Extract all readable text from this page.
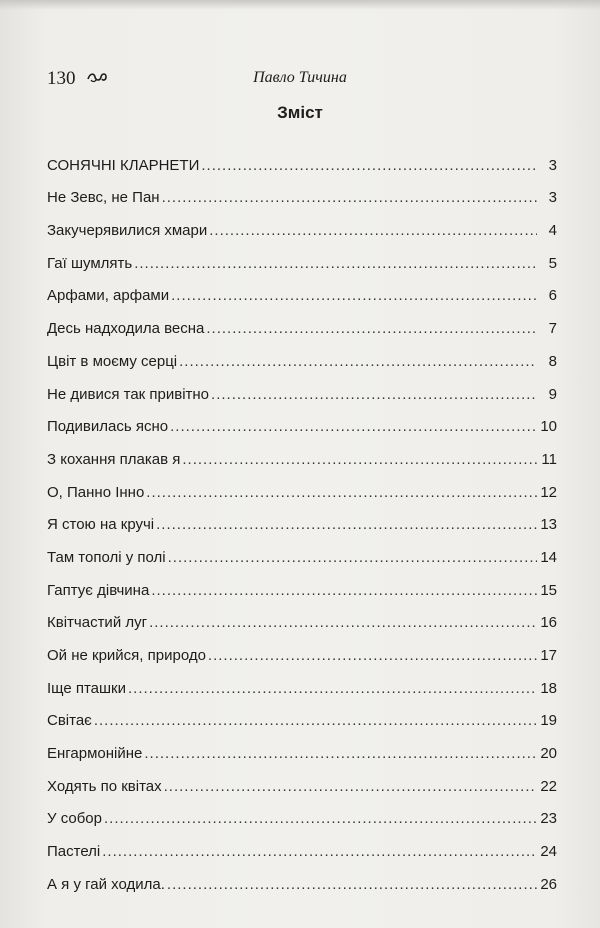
130	Павло Тичина
Зміст
СОНЯЧНІ КЛАРНЕТИ .....	3
Не Зевс, не Пан .....	3
Закучерявилися хмари .....	4
Гаї шумлять .....	5
Арфами, арфами .....	6
Десь надходила весна .....	7
Цвіт в моєму серці .....	8
Не дивися так привітно .....	9
Подивилась ясно .....	10
З кохання плакав я .....	11
О, Панно Інно .....	12
Я стою на кручі .....	13
Там тополі у полі .....	14
Гаптує дівчина .....	15
Квітчастий луг .....	16
Ой не крийся, природо .....	17
Іще пташки .....	18
Світає .....	19
Енгармонійне .....	20
Ходять по квітах .....	22
У собор .....	23
Пастелі .....	24
А я у гай ходила. .....	26
